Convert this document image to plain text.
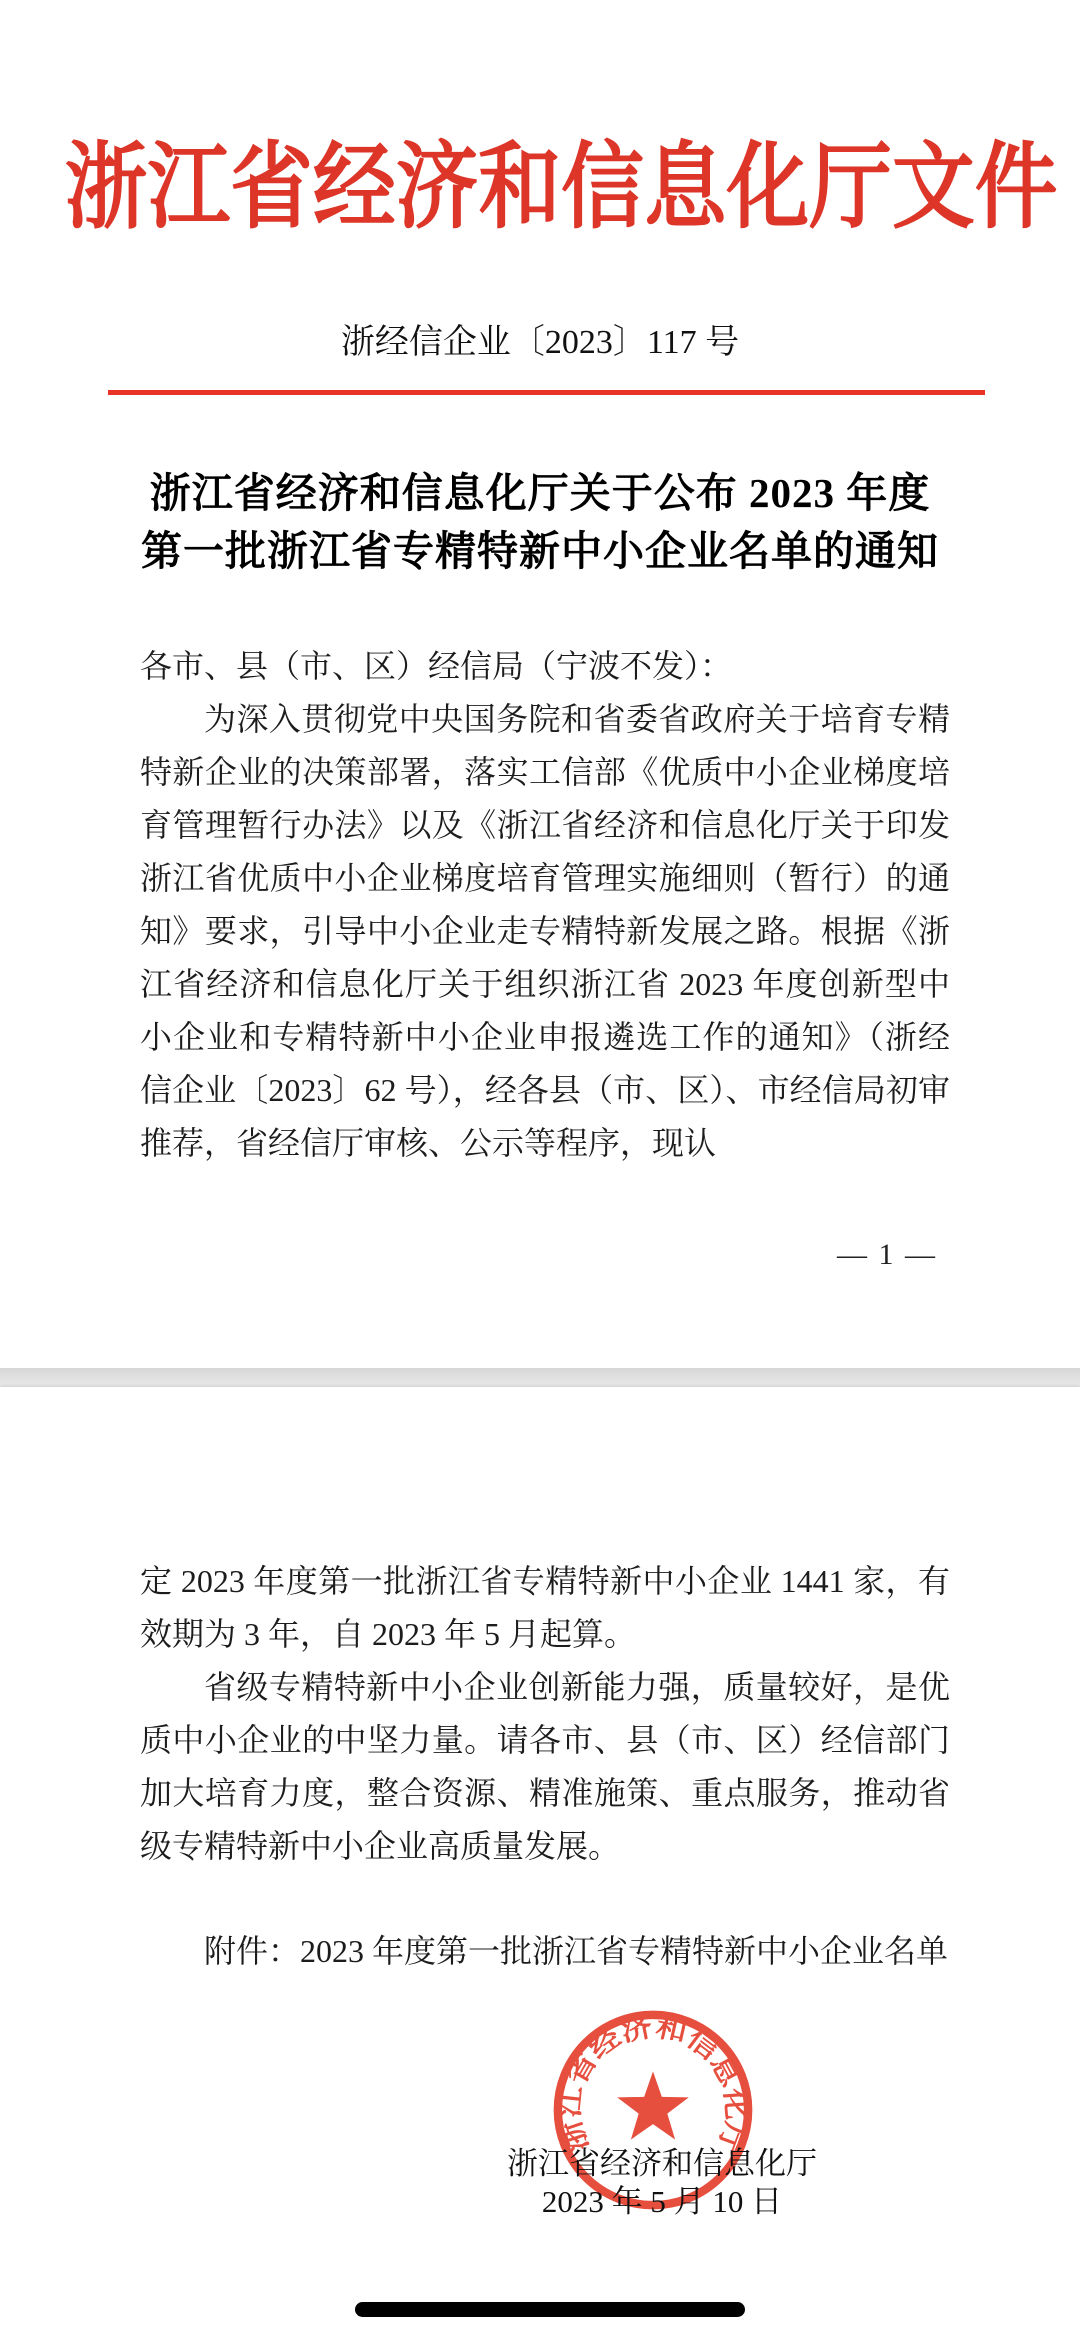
浙江省经济和信息化厅文件
浙经信企业〔2023〕117 号
浙江省经济和信息化厅关于公布 2023 年度
第一批浙江省专精特新中小企业名单的通知
各市、县（市、区）经信局（宁波不发）：

为深入贯彻党中央国务院和省委省政府关于培育专精特新企业的决策部署，落实工信部《优质中小企业梯度培育管理暂行办法》以及《浙江省经济和信息化厅关于印发浙江省优质中小企业梯度培育管理实施细则（暂行）的通知》要求，引导中小企业走专精特新发展之路。根据《浙江省经济和信息化厅关于组织浙江省 2023 年度创新型中小企业和专精特新中小企业申报遴选工作的通知》（浙经信企业〔2023〕62 号），经各县（市、区）、市经信局初审推荐，省经信厅审核、公示等程序，现认

— 1 —

定 2023 年度第一批浙江省专精特新中小企业 1441 家，有效期为 3 年，自 2023 年 5 月起算。

省级专精特新中小企业创新能力强，质量较好，是优质中小企业的中坚力量。请各市、县（市、区）经信部门加大培育力度，整合资源、精准施策、重点服务，推动省级专精特新中小企业高质量发展。

附件：2023 年度第一批浙江省专精特新中小企业名单

浙江省经济和信息化厅
浙江省经济和信息化厅
2023 年 5 月 10 日
